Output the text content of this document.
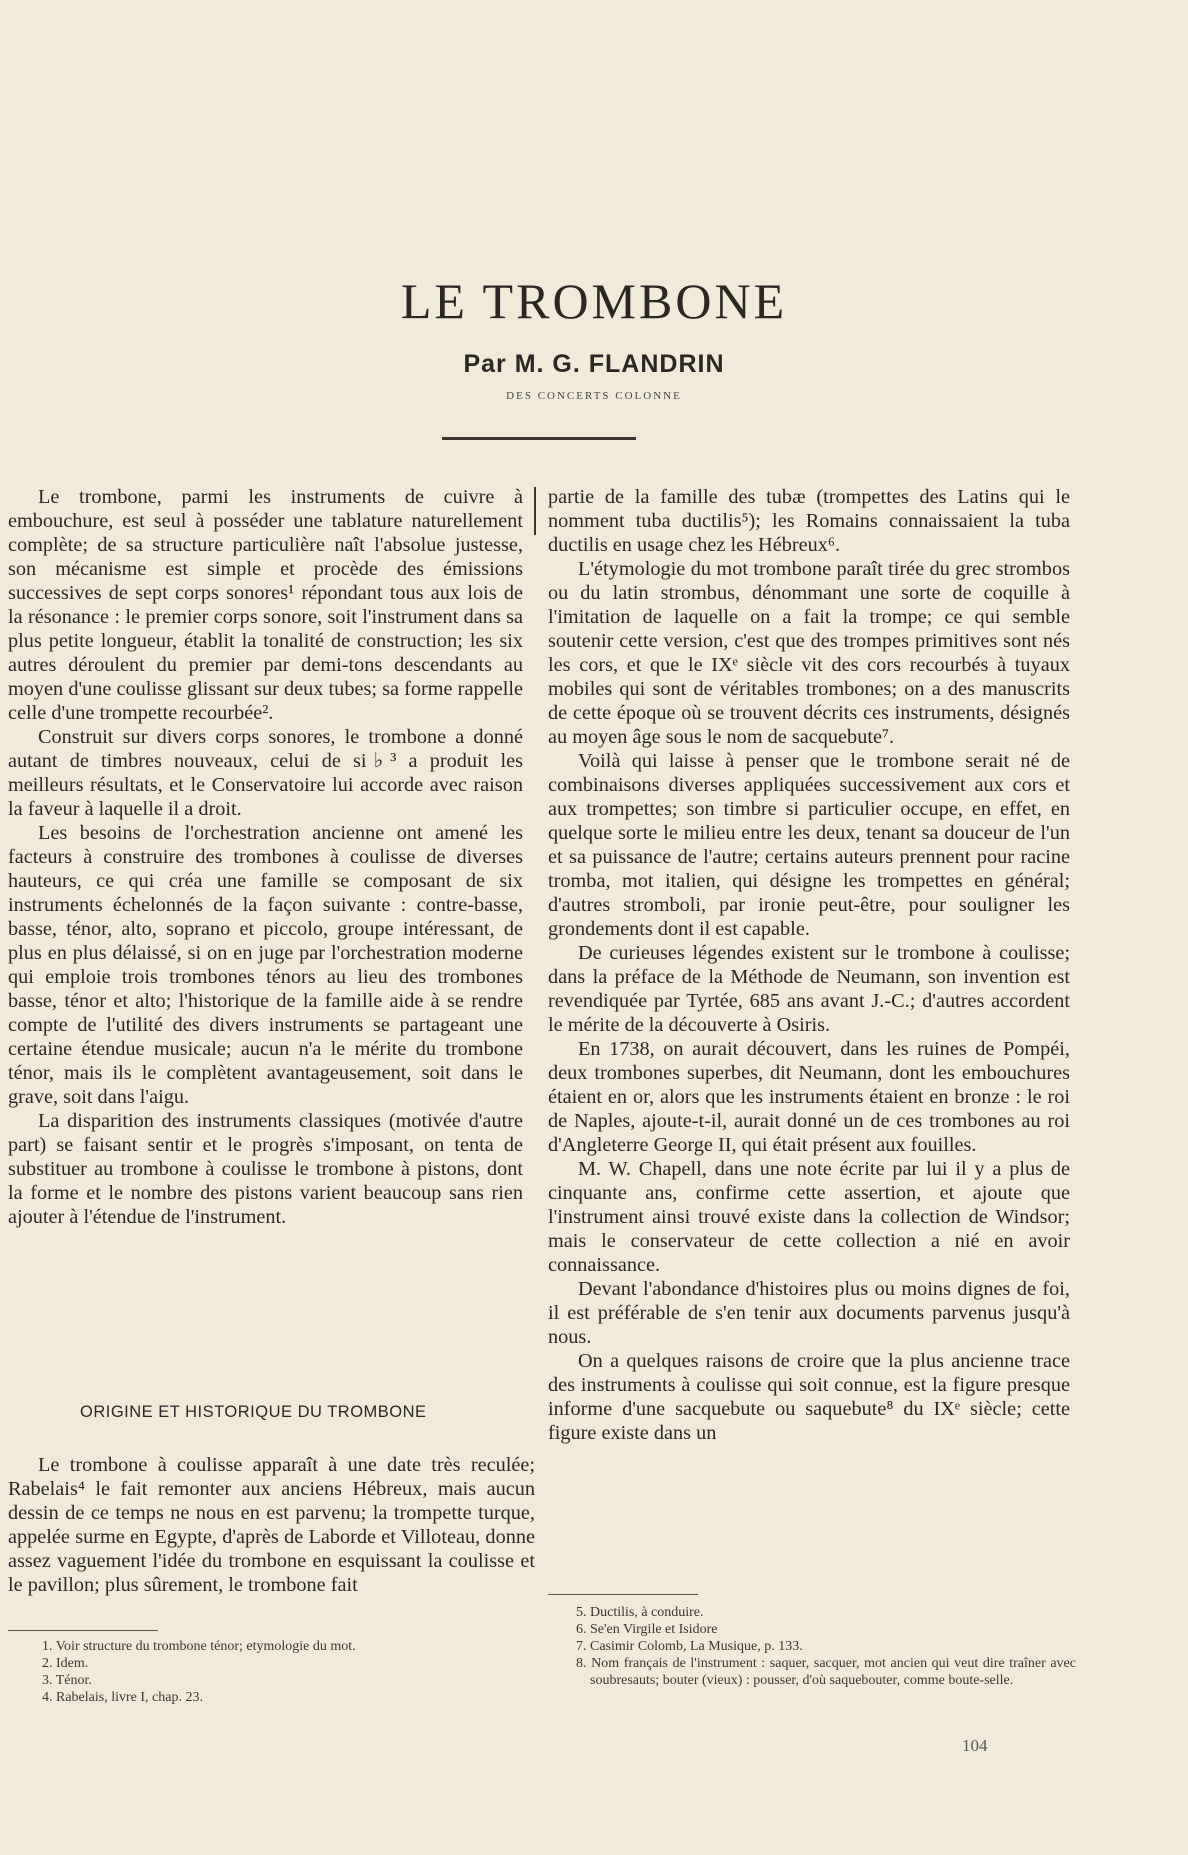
LE TROMBONE
Par M. G. FLANDRIN
DES CONCERTS COLONNE

Le trombone, parmi les instruments de cuivre à embouchure, est seul à posséder une tablature naturellement complète; de sa structure particulière naît l'absolue justesse, son mécanisme est simple et procède des émissions successives de sept corps sonores¹ répondant tous aux lois de la résonance : le premier corps sonore, soit l'instrument dans sa plus petite longueur, établit la tonalité de construction; les six autres déroulent du premier par demi-tons descendants au moyen d'une coulisse glissant sur deux tubes; sa forme rappelle celle d'une trompette recourbée².

Construit sur divers corps sonores, le trombone a donné autant de timbres nouveaux, celui de si♭³ a produit les meilleurs résultats, et le Conservatoire lui accorde avec raison la faveur à laquelle il a droit.

Les besoins de l'orchestration ancienne ont amené les facteurs à construire des trombones à coulisse de diverses hauteurs, ce qui créa une famille se composant de six instruments échelonnés de la façon suivante : contre-basse, basse, ténor, alto, soprano et piccolo, groupe intéressant, de plus en plus délaissé, si on en juge par l'orchestration moderne qui emploie trois trombones ténors au lieu des trombones basse, ténor et alto; l'historique de la famille aide à se rendre compte de l'utilité des divers instruments se partageant une certaine étendue musicale; aucun n'a le mérite du trombone ténor, mais ils le complètent avantageusement, soit dans le grave, soit dans l'aigu.

La disparition des instruments classiques (motivée d'autre part) se faisant sentir et le progrès s'imposant, on tenta de substituer au trombone à coulisse le trombone à pistons, dont la forme et le nombre des pistons varient beaucoup sans rien ajouter à l'étendue de l'instrument.

ORIGINE ET HISTORIQUE DU TROMBONE

Le trombone à coulisse apparaît à une date très reculée; Rabelais⁴ le fait remonter aux anciens Hébreux, mais aucun dessin de ce temps ne nous en est parvenu; la trompette turque, appelée surme en Egypte, d'après de Laborde et Villoteau, donne assez vaguement l'idée du trombone en esquissant la coulisse et le pavillon; plus sûrement, le trombone fait

partie de la famille des tubæ (trompettes des Latins qui le nomment tuba ductilis⁵); les Romains connaissaient la tuba ductilis en usage chez les Hébreux⁶.

L'étymologie du mot trombone paraît tirée du grec strombos ou du latin strombus, dénommant une sorte de coquille à l'imitation de laquelle on a fait la trompe; ce qui semble soutenir cette version, c'est que des trompes primitives sont nés les cors, et que le IXᵉ siècle vit des cors recourbés à tuyaux mobiles qui sont de véritables trombones; on a des manuscrits de cette époque où se trouvent décrits ces instruments, désignés au moyen âge sous le nom de sacquebute⁷.

Voilà qui laisse à penser que le trombone serait né de combinaisons diverses appliquées successivement aux cors et aux trompettes; son timbre si particulier occupe, en effet, en quelque sorte le milieu entre les deux, tenant sa douceur de l'un et sa puissance de l'autre; certains auteurs prennent pour racine tromba, mot italien, qui désigne les trompettes en général; d'autres stromboli, par ironie peut-être, pour souligner les grondements dont il est capable.

De curieuses légendes existent sur le trombone à coulisse; dans la préface de la Méthode de Neumann, son invention est revendiquée par Tyrtée, 685 ans avant J.-C.; d'autres accordent le mérite de la découverte à Osiris.

En 1738, on aurait découvert, dans les ruines de Pompéi, deux trombones superbes, dit Neumann, dont les embouchures étaient en or, alors que les instruments étaient en bronze : le roi de Naples, ajoute-t-il, aurait donné un de ces trombones au roi d'Angleterre George II, qui était présent aux fouilles.

M. W. Chapell, dans une note écrite par lui il y a plus de cinquante ans, confirme cette assertion, et ajoute que l'instrument ainsi trouvé existe dans la collection de Windsor; mais le conservateur de cette collection a nié en avoir connaissance.

Devant l'abondance d'histoires plus ou moins dignes de foi, il est préférable de s'en tenir aux documents parvenus jusqu'à nous.

On a quelques raisons de croire que la plus ancienne trace des instruments à coulisse qui soit connue, est la figure presque informe d'une sacquebute ou saquebute⁸ du IXᵉ siècle; cette figure existe dans un

1. Voir structure du trombone ténor; etymologie du mot.
2. Idem.
3. Ténor.
4. Rabelais, livre I, chap. 23.
5. Ductilis, à conduire.
6. Se'en Virgile et Isidore
7. Casimir Colomb, La Musique, p. 133.
8. Nom français de l'instrument : saquer, sacquer, mot ancien qui veut dire traîner avec soubresauts; bouter (vieux) : pousser, d'où saquebouter, comme boute-selle.
104
